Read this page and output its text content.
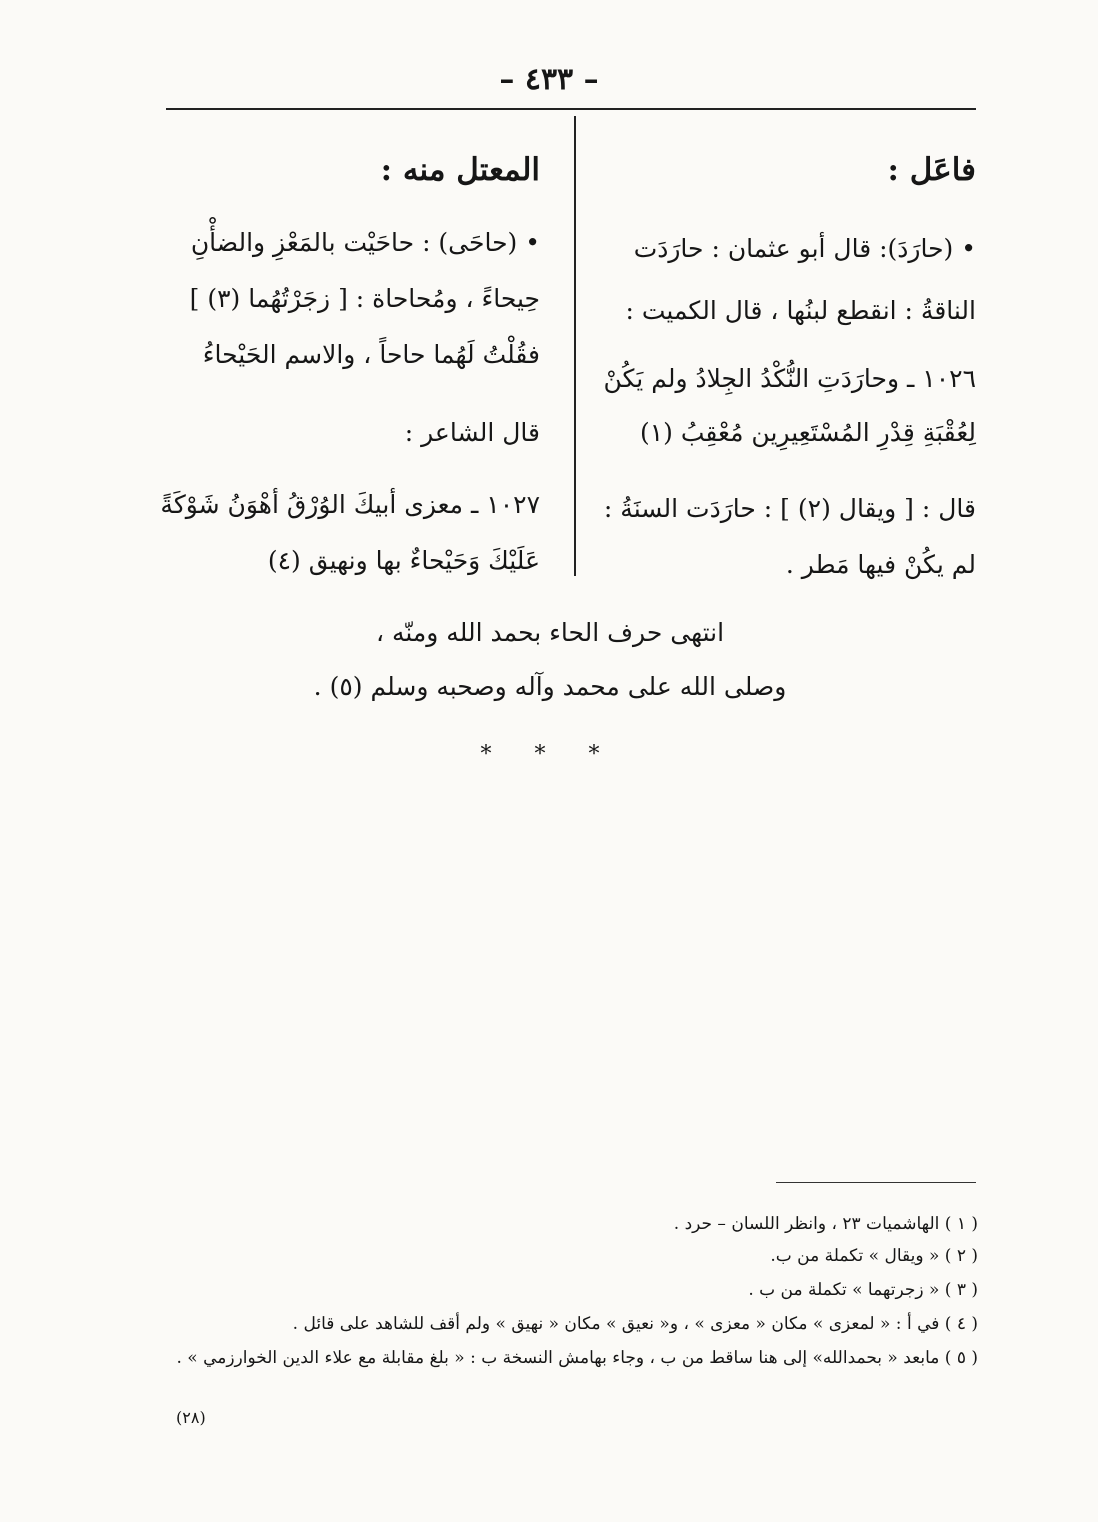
– ٤٣٣ –
فاعَل :
• (حارَدَ): قال أبو عثمان : حارَدَت
الناقةُ : انقطع لبنُها ، قال الكميت :
١٠٢٦ ـ وحارَدَتِ النُّكْدُ الجِلادُ ولم يَكُنْ
لِعُقْبَةِ قِدْرِ المُسْتَعِيرِين مُعْقِبُ (١)
قال : [ ويقال (٢) ] : حارَدَت السنَةُ :
لم يكُنْ فيها مَطر .
المعتل منه :
• (حاحَى) : حاحَيْت بالمَعْزِ والضأْنِ
حِيحاءً ، ومُحاحاة : [ زجَرْتُهُما (٣) ]
فقُلْتُ لَهُما حاحاً ، والاسم الحَيْحاءُ
قال الشاعر :
١٠٢٧ ـ معزى أبيكَ الوُرْقُ أهْوَنُ شَوْكَةً
عَلَيْكَ وَحَيْحاءٌ بها ونهيق (٤)
انتهى حرف الحاء بحمد الله ومنّه ،
وصلى الله على محمد وآله وصحبه وسلم (٥) .
* * *
( ١ ) الهاشميات ٢٣ ، وانظر اللسان – حرد .
( ٢ ) « ويقال » تكملة من ب.
( ٣ ) « زجرتهما » تكملة من ب .
( ٤ ) في أ : « لمعزى » مكان « معزى » ، و« نعيق » مكان « نهيق » ولم أقف للشاهد على قائل .
( ٥ ) مابعد « بحمدالله» إلى هنا ساقط من ب ، وجاء بهامش النسخة ب : « بلغ مقابلة مع علاء الدين الخوارزمي » .
(٢٨)
